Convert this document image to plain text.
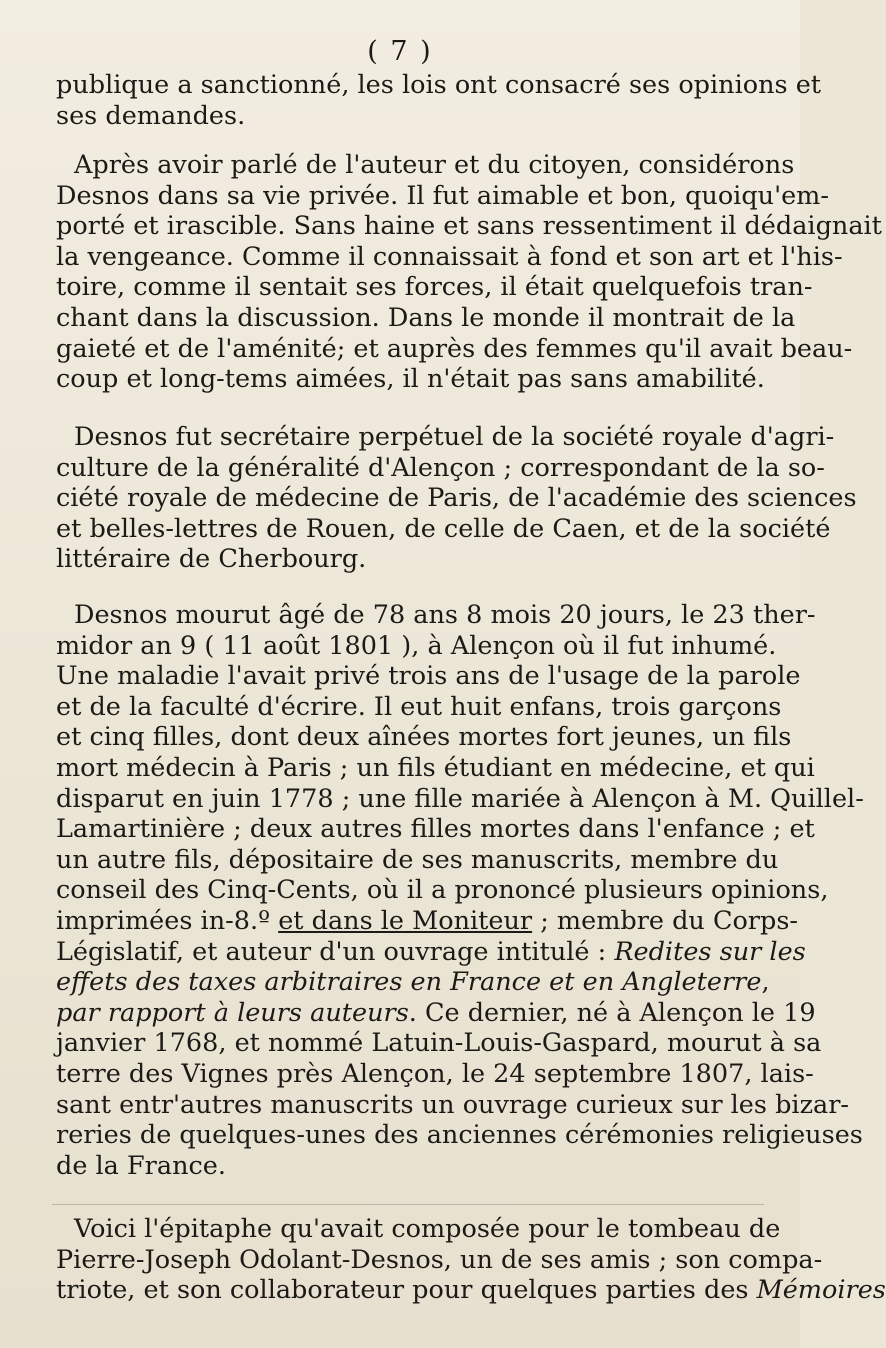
( 7 )

publique a sanctionné, les lois ont consacré ses opinions et
ses demandes.

Après avoir parlé de l'auteur et du citoyen, considérons
Desnos dans sa vie privée. Il fut aimable et bon, quoiqu'em-
porté et irascible. Sans haine et sans ressentiment il dédaignait
la vengeance. Comme il connaissait à fond et son art et l'his-
toire, comme il sentait ses forces, il était quelquefois tran-
chant dans la discussion. Dans le monde il montrait de la
gaieté et de l'aménité; et auprès des femmes qu'il avait beau-
coup et long-tems aimées, il n'était pas sans amabilité.

Desnos fut secrétaire perpétuel de la société royale d'agri-
culture de la généralité d'Alençon ; correspondant de la so-
ciété royale de médecine de Paris, de l'académie des sciences
et belles-lettres de Rouen, de celle de Caen, et de la société
littéraire de Cherbourg.

Desnos mourut âgé de 78 ans 8 mois 20 jours, le 23 ther-
midor an 9 ( 11 août 1801 ), à Alençon où il fut inhumé.
Une maladie l'avait privé trois ans de l'usage de la parole
et de la faculté d'écrire. Il eut huit enfans, trois garçons
et cinq filles, dont deux aînées mortes fort jeunes, un fils
mort médecin à Paris ; un fils étudiant en médecine, et qui
disparut en juin 1778 ; une fille mariée à Alençon à M. Quillel-
Lamartinière ; deux autres filles mortes dans l'enfance ; et
un autre fils, dépositaire de ses manuscrits, membre du
conseil des Cinq-Cents, où il a prononcé plusieurs opinions,
imprimées in-8.º et dans le Moniteur ; membre du Corps-
Législatif, et auteur d'un ouvrage intitulé : Redites sur les
effets des taxes arbitraires en France et en Angleterre,
par rapport à leurs auteurs. Ce dernier, né à Alençon le 19
janvier 1768, et nommé Latuin-Louis-Gaspard, mourut à sa
terre des Vignes près Alençon, le 24 septembre 1807, lais-
sant entr'autres manuscrits un ouvrage curieux sur les bizar-
reries de quelques-unes des anciennes cérémonies religieuses
de la France.

Voici l'épitaphe qu'avait composée pour le tombeau de
Pierre-Joseph Odolant-Desnos, un de ses amis ; son compa-
triote, et son collaborateur pour quelques parties des Mémoires
